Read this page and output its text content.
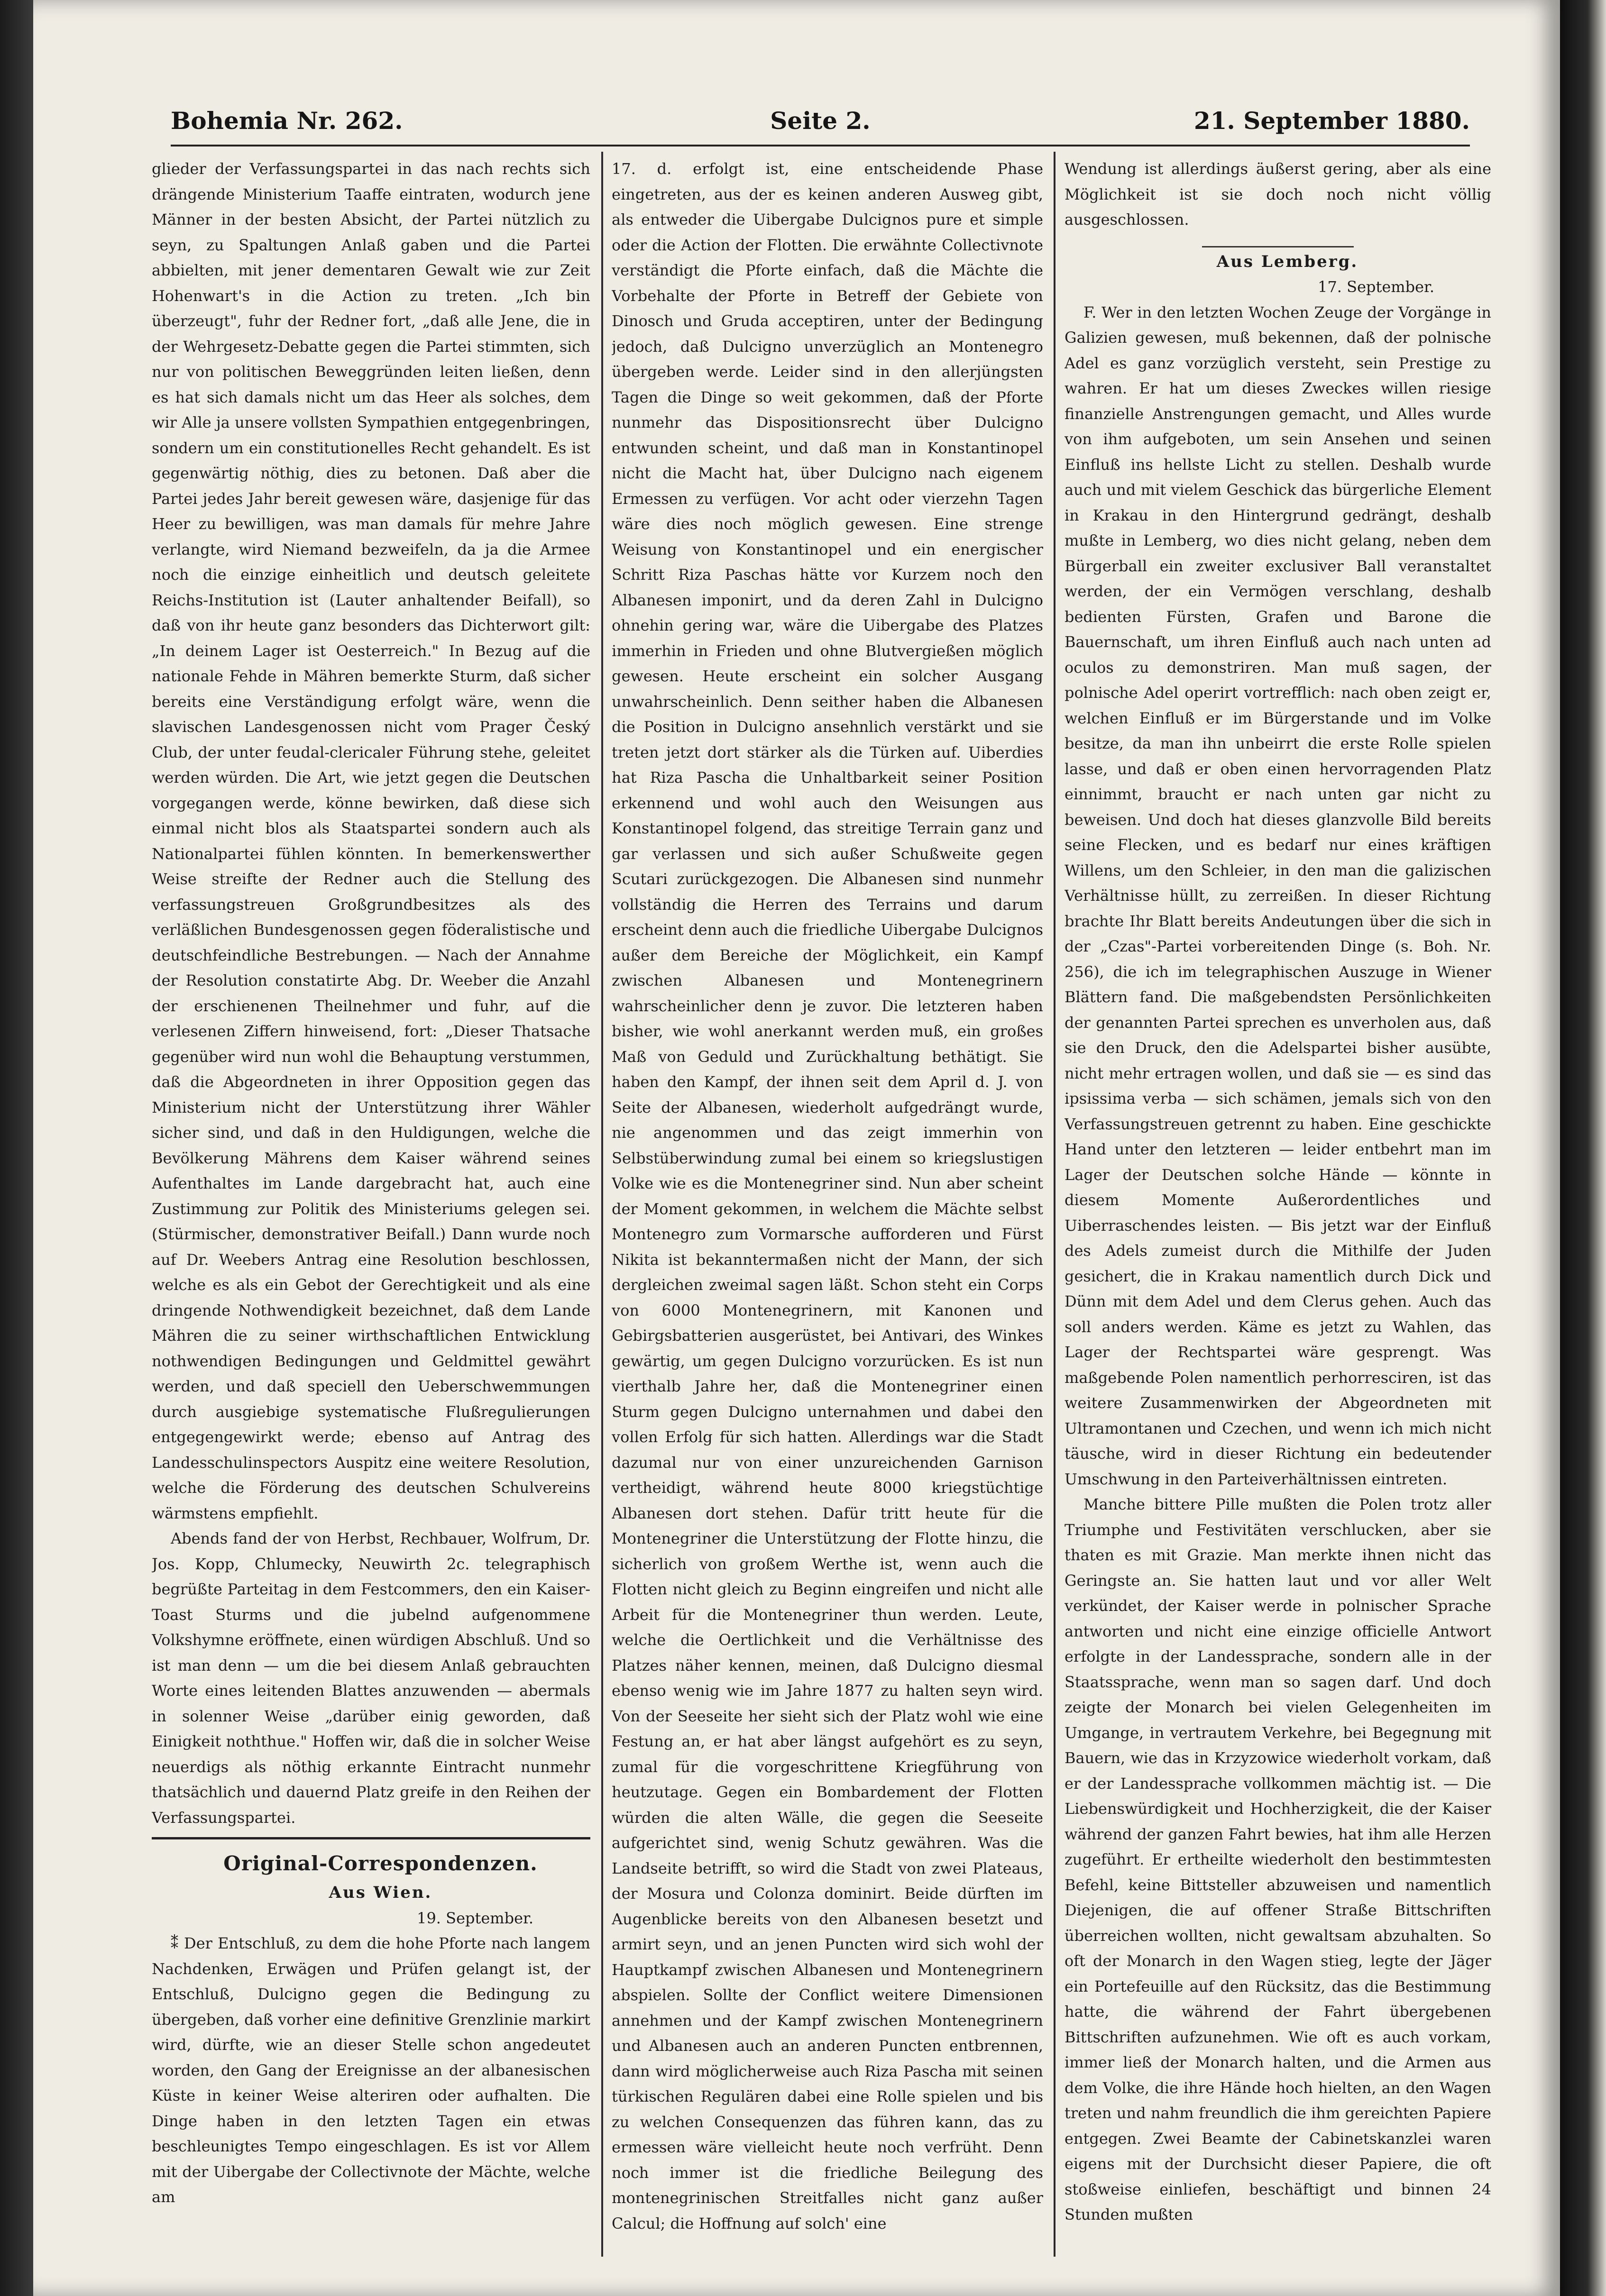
Bohemia Nr. 262.	Seite 2.	21. September 1880.

glieder der Verfassungspartei in das nach rechts sich drängende Ministerium Taaffe eintraten, wodurch jene Männer in der besten Absicht, der Partei nützlich zu seyn, zu Spaltungen Anlaß gaben und die Partei abbielten, mit jener dementaren Gewalt wie zur Zeit Hohenwart's in die Action zu treten. „Ich bin überzeugt", fuhr der Redner fort, „daß alle Jene, die in der Wehrgesetz-Debatte gegen die Partei stimmten, sich nur von politischen Beweggründen leiten ließen, denn es hat sich damals nicht um das Heer als solches, dem wir Alle ja unsere vollsten Sympathien entgegenbringen, sondern um ein constitutionelles Recht gehandelt. Es ist gegenwärtig nöthig, dies zu betonen. Daß aber die Partei jedes Jahr bereit gewesen wäre, dasjenige für das Heer zu bewilligen, was man damals für mehre Jahre verlangte, wird Niemand bezweifeln, da ja die Armee noch die einzige einheitlich und deutsch geleitete Reichs-Institution ist (Lauter anhaltender Beifall), so daß von ihr heute ganz besonders das Dichterwort gilt: „In deinem Lager ist Oesterreich." In Bezug auf die nationale Fehde in Mähren bemerkte Sturm, daß sicher bereits eine Verständigung erfolgt wäre, wenn die slavischen Landesgenossen nicht vom Prager Český Club, der unter feudal-clericaler Führung stehe, geleitet werden würden. Die Art, wie jetzt gegen die Deutschen vorgegangen werde, könne bewirken, daß diese sich einmal nicht blos als Staatspartei sondern auch als Nationalpartei fühlen könnten. In bemerkenswerther Weise streifte der Redner auch die Stellung des verfassungstreuen Großgrundbesitzes als des verläßlichen Bundesgenossen gegen föderalistische und deutschfeindliche Bestrebungen. — Nach der Annahme der Resolution constatirte Abg. Dr. Weeber die Anzahl der erschienenen Theilnehmer und fuhr, auf die verlesenen Ziffern hinweisend, fort: „Dieser Thatsache gegenüber wird nun wohl die Behauptung verstummen, daß die Abgeordneten in ihrer Opposition gegen das Ministerium nicht der Unterstützung ihrer Wähler sicher sind, und daß in den Huldigungen, welche die Bevölkerung Mährens dem Kaiser während seines Aufenthaltes im Lande dargebracht hat, auch eine Zustimmung zur Politik des Ministeriums gelegen sei. (Stürmischer, demonstrativer Beifall.) Dann wurde noch auf Dr. Weebers Antrag eine Resolution beschlossen, welche es als ein Gebot der Gerechtigkeit und als eine dringende Nothwendigkeit bezeichnet, daß dem Lande Mähren die zu seiner wirthschaftlichen Entwicklung nothwendigen Bedingungen und Geldmittel gewährt werden, und daß speciell den Ueberschwemmungen durch ausgiebige systematische Flußregulierungen entgegengewirkt werde; ebenso auf Antrag des Landesschulinspectors Auspitz eine weitere Resolution, welche die Förderung des deutschen Schulvereins wärmstens empfiehlt.

Abends fand der von Herbst, Rechbauer, Wolfrum, Dr. Jos. Kopp, Chlumecky, Neuwirth 2c. telegraphisch begrüßte Parteitag in dem Festcommers, den ein Kaiser-Toast Sturms und die jubelnd aufgenommene Volkshymne eröffnete, einen würdigen Abschluß. Und so ist man denn — um die bei diesem Anlaß gebrauchten Worte eines leitenden Blattes anzuwenden — abermals in solenner Weise „darüber einig geworden, daß Einigkeit noththue." Hoffen wir, daß die in solcher Weise neuerdigs als nöthig erkannte Eintracht nunmehr thatsächlich und dauernd Platz greife in den Reihen der Verfassungspartei.

Original-Correspondenzen.

Aus Wien.

19. September.

⁑ Der Entschluß, zu dem die hohe Pforte nach langem Nachdenken, Erwägen und Prüfen gelangt ist, der Entschluß, Dulcigno gegen die Bedingung zu übergeben, daß vorher eine definitive Grenzlinie markirt wird, dürfte, wie an dieser Stelle schon angedeutet worden, den Gang der Ereignisse an der albanesischen Küste in keiner Weise alteriren oder aufhalten. Die Dinge haben in den letzten Tagen ein etwas beschleunigtes Tempo eingeschlagen. Es ist vor Allem mit der Uibergabe der Collectivnote der Mächte, welche am

17. d. erfolgt ist, eine entscheidende Phase eingetreten, aus der es keinen anderen Ausweg gibt, als entweder die Uibergabe Dulcignos pure et simple oder die Action der Flotten. Die erwähnte Collectivnote verständigt die Pforte einfach, daß die Mächte die Vorbehalte der Pforte in Betreff der Gebiete von Dinosch und Gruda acceptiren, unter der Bedingung jedoch, daß Dulcigno unverzüglich an Montenegro übergeben werde. Leider sind in den allerjüngsten Tagen die Dinge so weit gekommen, daß der Pforte nunmehr das Dispositionsrecht über Dulcigno entwunden scheint, und daß man in Konstantinopel nicht die Macht hat, über Dulcigno nach eigenem Ermessen zu verfügen. Vor acht oder vierzehn Tagen wäre dies noch möglich gewesen. Eine strenge Weisung von Konstantinopel und ein energischer Schritt Riza Paschas hätte vor Kurzem noch den Albanesen imponirt, und da deren Zahl in Dulcigno ohnehin gering war, wäre die Uibergabe des Platzes immerhin in Frieden und ohne Blutvergießen möglich gewesen. Heute erscheint ein solcher Ausgang unwahrscheinlich. Denn seither haben die Albanesen die Position in Dulcigno ansehnlich verstärkt und sie treten jetzt dort stärker als die Türken auf. Uiberdies hat Riza Pascha die Unhaltbarkeit seiner Position erkennend und wohl auch den Weisungen aus Konstantinopel folgend, das streitige Terrain ganz und gar verlassen und sich außer Schußweite gegen Scutari zurückgezogen. Die Albanesen sind nunmehr vollständig die Herren des Terrains und darum erscheint denn auch die friedliche Uibergabe Dulcignos außer dem Bereiche der Möglichkeit, ein Kampf zwischen Albanesen und Montenegrinern wahrscheinlicher denn je zuvor. Die letzteren haben bisher, wie wohl anerkannt werden muß, ein großes Maß von Geduld und Zurückhaltung bethätigt. Sie haben den Kampf, der ihnen seit dem April d. J. von Seite der Albanesen, wiederholt aufgedrängt wurde, nie angenommen und das zeigt immerhin von Selbstüberwindung zumal bei einem so kriegslustigen Volke wie es die Montenegriner sind. Nun aber scheint der Moment gekommen, in welchem die Mächte selbst Montenegro zum Vormarsche aufforderen und Fürst Nikita ist bekanntermaßen nicht der Mann, der sich dergleichen zweimal sagen läßt. Schon steht ein Corps von 6000 Montenegrinern, mit Kanonen und Gebirgsbatterien ausgerüstet, bei Antivari, des Winkes gewärtig, um gegen Dulcigno vorzurücken. Es ist nun vierthalb Jahre her, daß die Montenegriner einen Sturm gegen Dulcigno unternahmen und dabei den vollen Erfolg für sich hatten. Allerdings war die Stadt dazumal nur von einer unzureichenden Garnison vertheidigt, während heute 8000 kriegstüchtige Albanesen dort stehen. Dafür tritt heute für die Montenegriner die Unterstützung der Flotte hinzu, die sicherlich von großem Werthe ist, wenn auch die Flotten nicht gleich zu Beginn eingreifen und nicht alle Arbeit für die Montenegriner thun werden. Leute, welche die Oertlichkeit und die Verhältnisse des Platzes näher kennen, meinen, daß Dulcigno diesmal ebenso wenig wie im Jahre 1877 zu halten seyn wird. Von der Seeseite her sieht sich der Platz wohl wie eine Festung an, er hat aber längst aufgehört es zu seyn, zumal für die vorgeschrittene Kriegführung von heutzutage. Gegen ein Bombardement der Flotten würden die alten Wälle, die gegen die Seeseite aufgerichtet sind, wenig Schutz gewähren. Was die Landseite betrifft, so wird die Stadt von zwei Plateaus, der Mosura und Colonza dominirt. Beide dürften im Augenblicke bereits von den Albanesen besetzt und armirt seyn, und an jenen Puncten wird sich wohl der Hauptkampf zwischen Albanesen und Montenegrinern abspielen. Sollte der Conflict weitere Dimensionen annehmen und der Kampf zwischen Montenegrinern und Albanesen auch an anderen Puncten entbrennen, dann wird möglicherweise auch Riza Pascha mit seinen türkischen Regulären dabei eine Rolle spielen und bis zu welchen Consequenzen das führen kann, das zu ermessen wäre vielleicht heute noch verfrüht. Denn noch immer ist die friedliche Beilegung des montenegrinischen Streitfalles nicht ganz außer Calcul; die Hoffnung auf solch' eine

Wendung ist allerdings äußerst gering, aber als eine Möglichkeit ist sie doch noch nicht völlig ausgeschlossen.

Aus Lemberg.

17. September.

F. Wer in den letzten Wochen Zeuge der Vorgänge in Galizien gewesen, muß bekennen, daß der polnische Adel es ganz vorzüglich versteht, sein Prestige zu wahren. Er hat um dieses Zweckes willen riesige finanzielle Anstrengungen gemacht, und Alles wurde von ihm aufgeboten, um sein Ansehen und seinen Einfluß ins hellste Licht zu stellen. Deshalb wurde auch und mit vielem Geschick das bürgerliche Element in Krakau in den Hintergrund gedrängt, deshalb mußte in Lemberg, wo dies nicht gelang, neben dem Bürgerball ein zweiter exclusiver Ball veranstaltet werden, der ein Vermögen verschlang, deshalb bedienten Fürsten, Grafen und Barone die Bauernschaft, um ihren Einfluß auch nach unten ad oculos zu demonstriren. Man muß sagen, der polnische Adel operirt vortrefflich: nach oben zeigt er, welchen Einfluß er im Bürgerstande und im Volke besitze, da man ihn unbeirrt die erste Rolle spielen lasse, und daß er oben einen hervorragenden Platz einnimmt, braucht er nach unten gar nicht zu beweisen. Und doch hat dieses glanzvolle Bild bereits seine Flecken, und es bedarf nur eines kräftigen Willens, um den Schleier, in den man die galizischen Verhältnisse hüllt, zu zerreißen. In dieser Richtung brachte Ihr Blatt bereits Andeutungen über die sich in der „Czas"-Partei vorbereitenden Dinge (s. Boh. Nr. 256), die ich im telegraphischen Auszuge in Wiener Blättern fand. Die maßgebendsten Persönlichkeiten der genannten Partei sprechen es unverholen aus, daß sie den Druck, den die Adelspartei bisher ausübte, nicht mehr ertragen wollen, und daß sie — es sind das ipsissima verba — sich schämen, jemals sich von den Verfassungstreuen getrennt zu haben. Eine geschickte Hand unter den letzteren — leider entbehrt man im Lager der Deutschen solche Hände — könnte in diesem Momente Außerordentliches und Uiberraschendes leisten. — Bis jetzt war der Einfluß des Adels zumeist durch die Mithilfe der Juden gesichert, die in Krakau namentlich durch Dick und Dünn mit dem Adel und dem Clerus gehen. Auch das soll anders werden. Käme es jetzt zu Wahlen, das Lager der Rechtspartei wäre gesprengt. Was maßgebende Polen namentlich perhorresciren, ist das weitere Zusammenwirken der Abgeordneten mit Ultramontanen und Czechen, und wenn ich mich nicht täusche, wird in dieser Richtung ein bedeutender Umschwung in den Parteiverhältnissen eintreten.

Manche bittere Pille mußten die Polen trotz aller Triumphe und Festivitäten verschlucken, aber sie thaten es mit Grazie. Man merkte ihnen nicht das Geringste an. Sie hatten laut und vor aller Welt verkündet, der Kaiser werde in polnischer Sprache antworten und nicht eine einzige officielle Antwort erfolgte in der Landessprache, sondern alle in der Staatssprache, wenn man so sagen darf. Und doch zeigte der Monarch bei vielen Gelegenheiten im Umgange, in vertrautem Verkehre, bei Begegnung mit Bauern, wie das in Krzyzowice wiederholt vorkam, daß er der Landessprache vollkommen mächtig ist. — Die Liebenswürdigkeit und Hochherzigkeit, die der Kaiser während der ganzen Fahrt bewies, hat ihm alle Herzen zugeführt. Er ertheilte wiederholt den bestimmtesten Befehl, keine Bittsteller abzuweisen und namentlich Diejenigen, die auf offener Straße Bittschriften überreichen wollten, nicht gewaltsam abzuhalten. So oft der Monarch in den Wagen stieg, legte der Jäger ein Portefeuille auf den Rücksitz, das die Bestimmung hatte, die während der Fahrt übergebenen Bittschriften aufzunehmen. Wie oft es auch vorkam, immer ließ der Monarch halten, und die Armen aus dem Volke, die ihre Hände hoch hielten, an den Wagen treten und nahm freundlich die ihm gereichten Papiere entgegen. Zwei Beamte der Cabinetskanzlei waren eigens mit der Durchsicht dieser Papiere, die oft stoßweise einliefen, beschäftigt und binnen 24 Stunden mußten
